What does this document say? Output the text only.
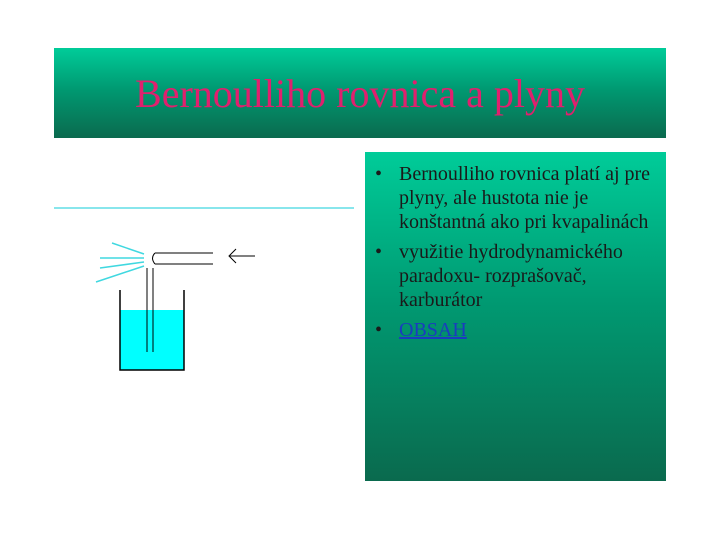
Bernoulliho rovnica a plyny
• Bernoulliho rovnica platí aj pre plyny, ale hustota nie je konštantná ako pri kvapalinách
• využitie hydrodynamického paradoxu- rozprašovač, karburátor
• OBSAH
